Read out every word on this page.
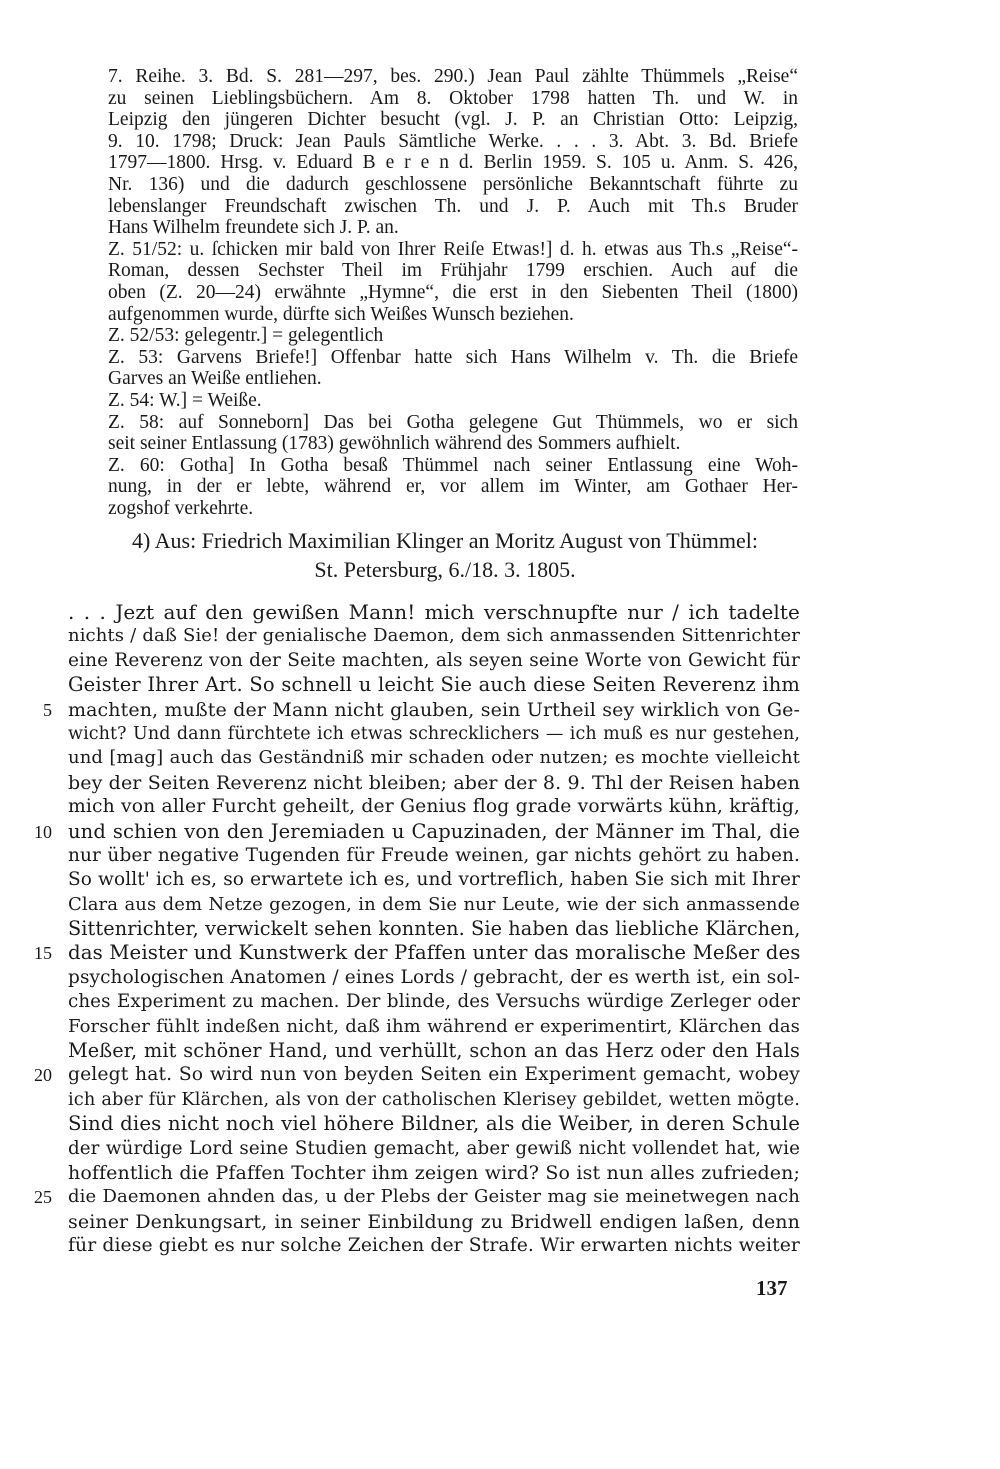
7. Reihe. 3. Bd. S. 281—297, bes. 290.) Jean Paul zählte Thümmels „Reise“
zu seinen Lieblingsbüchern. Am 8. Oktober 1798 hatten Th. und W. in
Leipzig den jüngeren Dichter besucht (vgl. J. P. an Christian Otto: Leipzig,
9. 10. 1798; Druck: Jean Pauls Sämtliche Werke. . . . 3. Abt. 3. Bd. Briefe
1797—1800. Hrsg. v. Eduard B e r e n d. Berlin 1959. S. 105 u. Anm. S. 426,
Nr. 136) und die dadurch geschlossene persönliche Bekanntschaft führte zu
lebenslanger Freundschaft zwischen Th. und J. P. Auch mit Th.s Bruder
Hans Wilhelm freundete sich J. P. an.
Z. 51/52: u. ſchicken mir bald von Ihrer Reiſe Etwas!] d. h. etwas aus Th.s „Reise“-
Roman, dessen Sechster Theil im Frühjahr 1799 erschien. Auch auf die
oben (Z. 20—24) erwähnte „Hymne“, die erst in den Siebenten Theil (1800)
aufgenommen wurde, dürfte sich Weißes Wunsch beziehen.
Z. 52/53: gelegentr.] = gelegentlich
Z. 53: Garvens Briefe!] Offenbar hatte sich Hans Wilhelm v. Th. die Briefe
Garves an Weiße entliehen.
Z. 54: W.] = Weiße.
Z. 58: auf Sonneborn] Das bei Gotha gelegene Gut Thümmels, wo er sich
seit seiner Entlassung (1783) gewöhnlich während des Sommers aufhielt.
Z. 60: Gotha] In Gotha besaß Thümmel nach seiner Entlassung eine Woh-
nung, in der er lebte, während er, vor allem im Winter, am Gothaer Her-
zogshof verkehrte.
4) Aus: Friedrich Maximilian Klinger an Moritz August von Thümmel:
St. Petersburg, 6./18. 3. 1805.
. . . Jezt auf den gewißen Mann! mich verschnupfte nur / ich tadelte
nichts / daß Sie! der genialische Daemon, dem sich anmassenden Sittenrichter
eine Reverenz von der Seite machten, als seyen seine Worte von Gewicht für
Geister Ihrer Art. So schnell u leicht Sie auch diese Seiten Reverenz ihm
5 machten, mußte der Mann nicht glauben, sein Urtheil sey wirklich von Ge-
wicht? Und dann fürchtete ich etwas schrecklichers — ich muß es nur gestehen,
und [mag] auch das Geständniß mir schaden oder nutzen; es mochte vielleicht
bey der Seiten Reverenz nicht bleiben; aber der 8. 9. Thl der Reisen haben
mich von aller Furcht geheilt, der Genius flog grade vorwärts kühn, kräftig,
10 und schien von den Jeremiaden u Capuzinaden, der Männer im Thal, die
nur über negative Tugenden für Freude weinen, gar nichts gehört zu haben.
So wollt' ich es, so erwartete ich es, und vortreflich, haben Sie sich mit Ihrer
Clara aus dem Netze gezogen, in dem Sie nur Leute, wie der sich anmassende
Sittenrichter, verwickelt sehen konnten. Sie haben das liebliche Klärchen,
15 das Meister und Kunstwerk der Pfaffen unter das moralische Meßer des
psychologischen Anatomen / eines Lords / gebracht, der es werth ist, ein sol-
ches Experiment zu machen. Der blinde, des Versuchs würdige Zerleger oder
Forscher fühlt indeßen nicht, daß ihm während er experimentirt, Klärchen das
Meßer, mit schöner Hand, und verhüllt, schon an das Herz oder den Hals
20 gelegt hat. So wird nun von beyden Seiten ein Experiment gemacht, wobey
ich aber für Klärchen, als von der catholischen Klerisey gebildet, wetten mögte.
Sind dies nicht noch viel höhere Bildner, als die Weiber, in deren Schule
der würdige Lord seine Studien gemacht, aber gewiß nicht vollendet hat, wie
hoffentlich die Pfaffen Tochter ihm zeigen wird? So ist nun alles zufrieden;
25 die Daemonen ahnden das, u der Plebs der Geister mag sie meinetwegen nach
seiner Denkungsart, in seiner Einbildung zu Bridwell endigen laßen, denn
für diese giebt es nur solche Zeichen der Strafe. Wir erwarten nichts weiter
137
